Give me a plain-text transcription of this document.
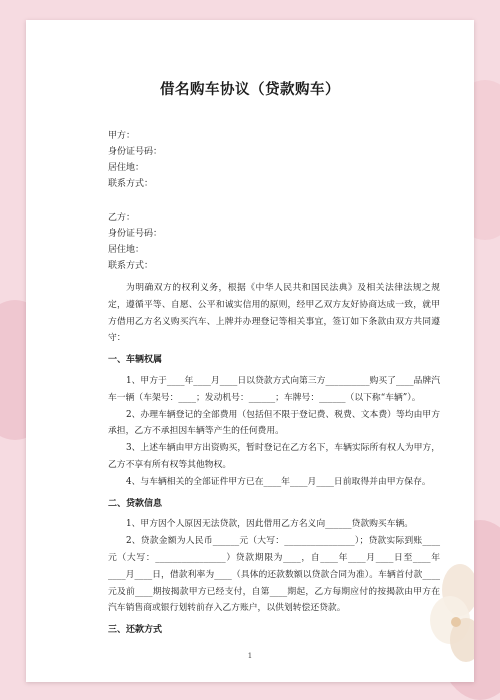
借名购车协议（贷款购车）
甲方：
身份证号码：
居住地：
联系方式：
乙方：
身份证号码：
居住地：
联系方式：
为明确双方的权利义务，根据《中华人民共和国民法典》及相关法律法规之规定，遵循平等、自愿、公平和诚实信用的原则，经甲乙双方友好协商达成一致，就甲方借用乙方名义购买汽车、上牌并办理登记等相关事宜，签订如下条款由双方共同遵守：
一、车辆权属
1、甲方于____年____月____日以贷款方式向第三方__________购买了____品牌汽车一辆（车架号：____；发动机号：______；车牌号：______（以下称“车辆”）。
2、办理车辆登记的全部费用（包括但不限于登记费、税费、文本费）等均由甲方承担，乙方不承担因车辆等产生的任何费用。
3、上述车辆由甲方出资购买，暂时登记在乙方名下，车辆实际所有权人为甲方，乙方不享有所有权等其他物权。
4、与车辆相关的全部证件甲方已在____年____月____日前取得并由甲方保存。
二、贷款信息
1、甲方因个人原因无法贷款，因此借用乙方名义向______贷款购买车辆。
2、贷款金额为人民币______元（大写：________________）；贷款实际到账____元（大写：________________）贷款期限为____，自____年____月____日至____年____月____日，借款利率为____（具体的还款数额以贷款合同为准）。车辆首付款____元及前____期按揭款甲方已经支付，自第____期起，乙方每期应付的按揭款由甲方在汽车销售商或银行划转前存入乙方账户，以供划转偿还贷款。
三、还款方式
1
